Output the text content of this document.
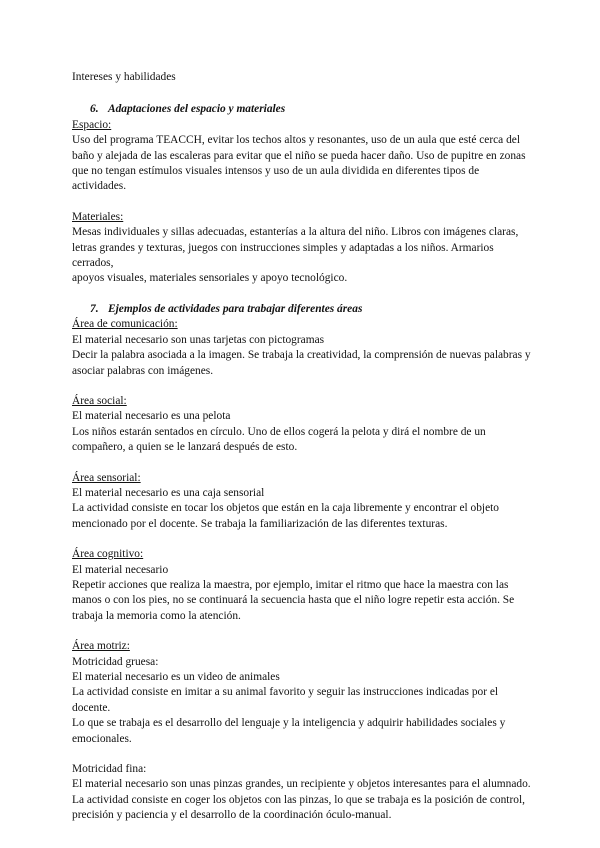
Intereses y habilidades

6. Adaptaciones del espacio y materiales

Espacio:

Uso del programa TEACCH, evitar los techos altos y resonantes, uso de un aula que esté cerca del

baño y alejada de las escaleras para evitar que el niño se pueda hacer daño. Uso de pupitre en zonas

que no tengan estímulos visuales intensos y uso de un aula dividida en diferentes tipos de actividades.

Materiales:

Mesas individuales y sillas adecuadas, estanterías a la altura del niño. Libros con imágenes claras,

letras grandes y texturas, juegos con instrucciones simples y adaptadas a los niños. Armarios cerrados,

apoyos visuales, materiales sensoriales y apoyo tecnológico.

7. Ejemplos de actividades para trabajar diferentes áreas

Área de comunicación:

El material necesario son unas tarjetas con pictogramas

Decir la palabra asociada a la imagen. Se trabaja la creatividad, la comprensión de nuevas palabras y

asociar palabras con imágenes.

Área social:

El material necesario es una pelota

Los niños estarán sentados en círculo. Uno de ellos cogerá la pelota y dirá el nombre de un

compañero, a quien se le lanzará después de esto.

Área sensorial:

El material necesario es una caja sensorial

La actividad consiste en tocar los objetos que están en la caja libremente y encontrar el objeto

mencionado por el docente. Se trabaja la familiarización de las diferentes texturas.

Área cognitivo:

El material necesario

Repetir acciones que realiza la maestra, por ejemplo, imitar el ritmo que hace la maestra con las

manos o con los pies, no se continuará la secuencia hasta que el niño logre repetir esta acción. Se

trabaja la memoria como la atención.

Área motriz:

Motricidad gruesa:

El material necesario es un video de animales

La actividad consiste en imitar a su animal favorito y seguir las instrucciones indicadas por el docente.

Lo que se trabaja es el desarrollo del lenguaje y la inteligencia y adquirir habilidades sociales y

emocionales.

Motricidad fina:

El material necesario son unas pinzas grandes, un recipiente y objetos interesantes para el alumnado.

La actividad consiste en coger los objetos con las pinzas, lo que se trabaja es la posición de control,

precisión y paciencia y el desarrollo de la coordinación óculo-manual.
